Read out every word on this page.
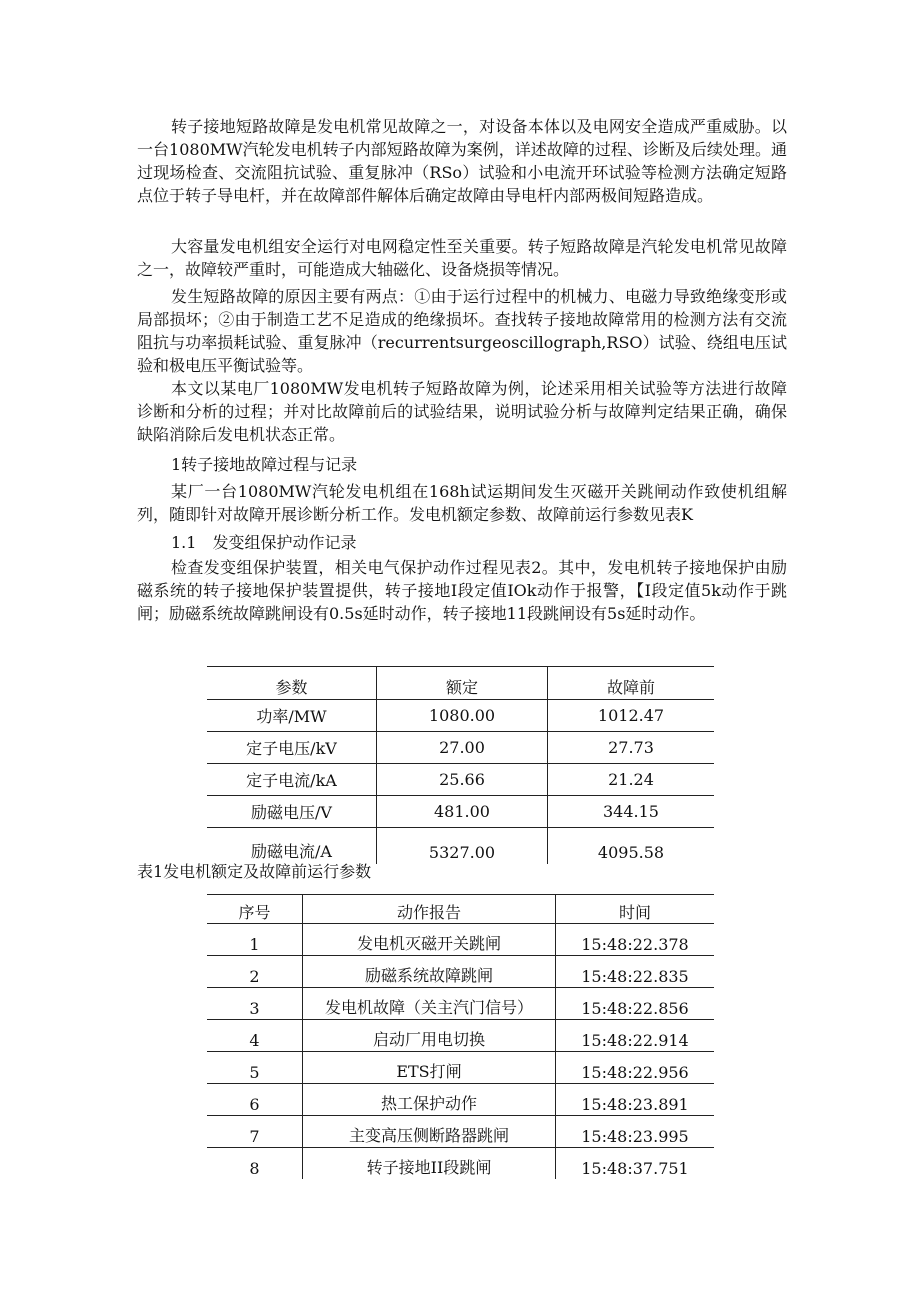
转子接地短路故障是发电机常见故障之一，对设备本体以及电网安全造成严重威胁。以一台1080MW汽轮发电机转子内部短路故障为案例，详述故障的过程、诊断及后续处理。通过现场检查、交流阻抗试验、重复脉冲（RSo）试验和小电流开环试验等检测方法确定短路点位于转子导电杆，并在故障部件解体后确定故障由导电杆内部两极间短路造成。

大容量发电机组安全运行对电网稳定性至关重要。转子短路故障是汽轮发电机常见故障之一，故障较严重时，可能造成大轴磁化、设备烧损等情况。

发生短路故障的原因主要有两点：①由于运行过程中的机械力、电磁力导致绝缘变形或局部损坏；②由于制造工艺不足造成的绝缘损坏。查找转子接地故障常用的检测方法有交流阻抗与功率损耗试验、重复脉冲（recurrentsurgeoscillograph,RSO）试验、绕组电压试验和极电压平衡试验等。

本文以某电厂1080MW发电机转子短路故障为例，论述采用相关试验等方法进行故障诊断和分析的过程；并对比故障前后的试验结果，说明试验分析与故障判定结果正确，确保缺陷消除后发电机状态正常。

1转子接地故障过程与记录

某厂一台1080MW汽轮发电机组在168h试运期间发生灭磁开关跳闸动作致使机组解列，随即针对故障开展诊断分析工作。发电机额定参数、故障前运行参数见表K

1.1　发变组保护动作记录

检查发变组保护装置，相关电气保护动作过程见表2。其中，发电机转子接地保护由励磁系统的转子接地保护装置提供，转子接地I段定值IOk动作于报警，【I段定值5k动作于跳闸；励磁系统故障跳闸设有0.5s延时动作，转子接地11段跳闸设有5s延时动作。

参数	额定	故障前
功率/MW	1080.00	1012.47
定子电压/kV	27.00	27.73
定子电流/kA	25.66	21.24
励磁电压/V	481.00	344.15
励磁电流/A	5327.00	4095.58

表1发电机额定及故障前运行参数

序号	动作报告	时间
1	发电机灭磁开关跳闸	15:48:22.378
2	励磁系统故障跳闸	15:48:22.835
3	发电机故障（关主汽门信号）	15:48:22.856
4	启动厂用电切换	15:48:22.914
5	ETS打闸	15:48:22.956
6	热工保护动作	15:48:23.891
7	主变高压侧断路器跳闸	15:48:23.995
8	转子接地II段跳闸	15:48:37.751
